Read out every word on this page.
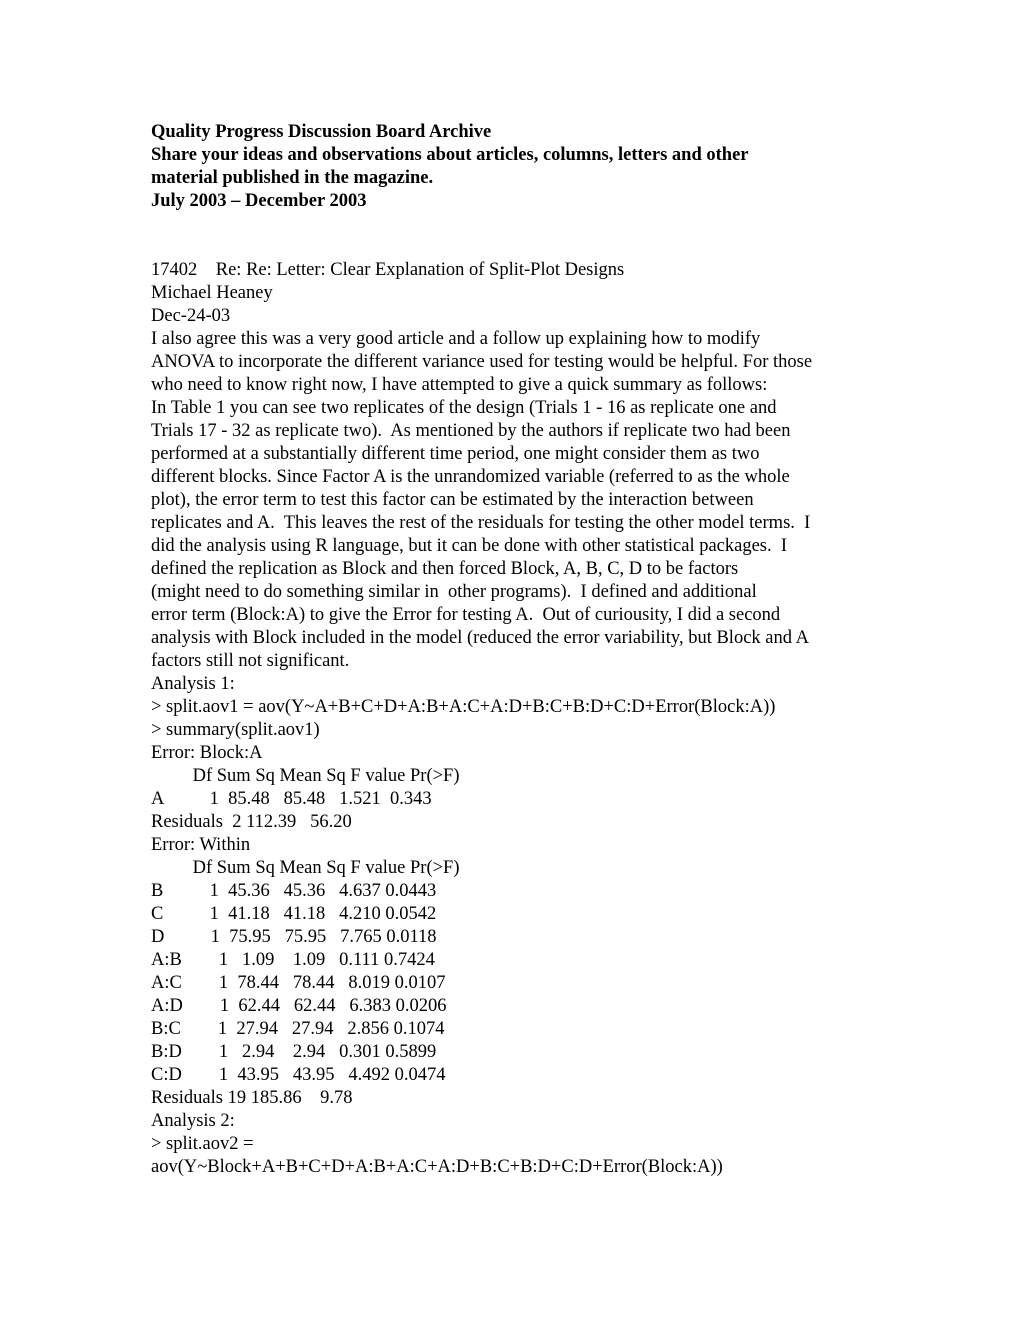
Quality Progress Discussion Board Archive
Share your ideas and observations about articles, columns, letters and other
material published in the magazine.
July 2003 – December 2003
17402    Re: Re: Letter: Clear Explanation of Split-Plot Designs
Michael Heaney
Dec-24-03
I also agree this was a very good article and a follow up explaining how to modify
ANOVA to incorporate the different variance used for testing would be helpful. For those
who need to know right now, I have attempted to give a quick summary as follows:
In Table 1 you can see two replicates of the design (Trials 1 - 16 as replicate one and
Trials 17 - 32 as replicate two).  As mentioned by the authors if replicate two had been
performed at a substantially different time period, one might consider them as two
different blocks. Since Factor A is the unrandomized variable (referred to as the whole
plot), the error term to test this factor can be estimated by the interaction between
replicates and A.  This leaves the rest of the residuals for testing the other model terms.  I
did the analysis using R language, but it can be done with other statistical packages.  I
defined the replication as Block and then forced Block, A, B, C, D to be factors
(might need to do something similar in  other programs).  I defined and additional
error term (Block:A) to give the Error for testing A.  Out of curiousity, I did a second
analysis with Block included in the model (reduced the error variability, but Block and A
factors still not significant.
Analysis 1:
> split.aov1 = aov(Y~A+B+C+D+A:B+A:C+A:D+B:C+B:D+C:D+Error(Block:A))
> summary(split.aov1)
Error: Block:A
Df Sum Sq Mean Sq F value Pr(>F)
A          1  85.48   85.48   1.521  0.343
Residuals  2 112.39   56.20
Error: Within
Df Sum Sq Mean Sq F value Pr(>F)
B          1  45.36   45.36   4.637 0.0443
C          1  41.18   41.18   4.210 0.0542
D          1  75.95   75.95   7.765 0.0118
A:B        1   1.09    1.09   0.111 0.7424
A:C        1  78.44   78.44   8.019 0.0107
A:D        1  62.44   62.44   6.383 0.0206
B:C        1  27.94   27.94   2.856 0.1074
B:D        1   2.94    2.94   0.301 0.5899
C:D        1  43.95   43.95   4.492 0.0474
Residuals 19 185.86    9.78
Analysis 2:
> split.aov2 =
aov(Y~Block+A+B+C+D+A:B+A:C+A:D+B:C+B:D+C:D+Error(Block:A))
